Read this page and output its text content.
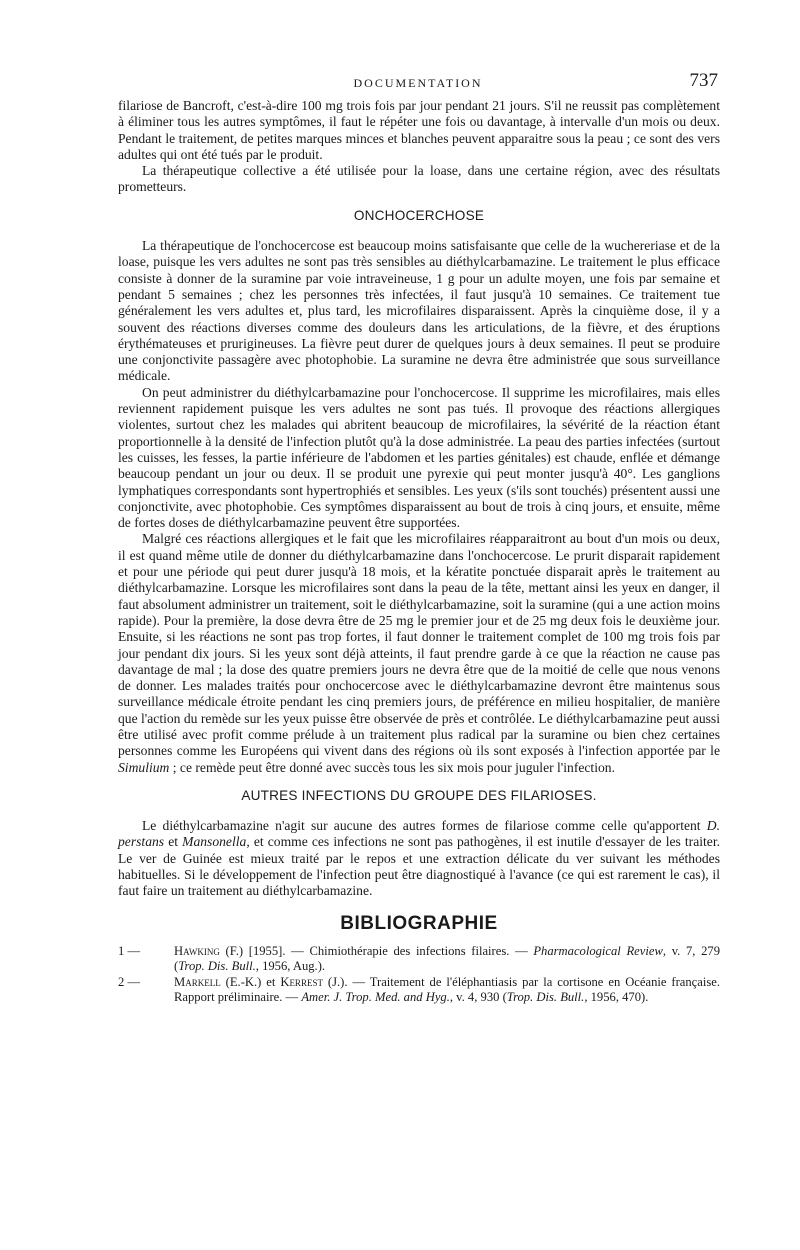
DOCUMENTATION	737

filariose de Bancroft, c'est-à-dire 100 mg trois fois par jour pendant 21 jours. S'il ne reussit pas complètement à éliminer tous les autres symptômes, il faut le répéter une fois ou davantage, à intervalle d'un mois ou deux. Pendant le traitement, de petites marques minces et blanches peuvent apparaitre sous la peau ; ce sont des vers adultes qui ont été tués par le produit.

La thérapeutique collective a été utilisée pour la loase, dans une certaine région, avec des résultats prometteurs.

ONCHOCERCHOSE

La thérapeutique de l'onchocercose est beaucoup moins satisfaisante que celle de la wuchereriase et de la loase, puisque les vers adultes ne sont pas très sensibles au diéthylcarbamazine. Le traitement le plus efficace consiste à donner de la suramine par voie intraveineuse, 1 g pour un adulte moyen, une fois par semaine et pendant 5 semaines ; chez les personnes très infectées, il faut jusqu'à 10 semaines. Ce traitement tue généralement les vers adultes et, plus tard, les microfilaires disparaissent. Après la cinquième dose, il y a souvent des réactions diverses comme des douleurs dans les articulations, de la fièvre, et des éruptions érythémateuses et prurigineuses. La fièvre peut durer de quelques jours à deux semaines. Il peut se produire une conjonctivite passagère avec photophobie. La suramine ne devra être administrée que sous surveillance médicale.

On peut administrer du diéthylcarbamazine pour l'onchocercose. Il supprime les microfilaires, mais elles reviennent rapidement puisque les vers adultes ne sont pas tués. Il provoque des réactions allergiques violentes, surtout chez les malades qui abritent beaucoup de microfilaires, la sévérité de la réaction étant proportionnelle à la densité de l'infection plutôt qu'à la dose administrée. La peau des parties infectées (surtout les cuisses, les fesses, la partie inférieure de l'abdomen et les parties génitales) est chaude, enflée et démange beaucoup pendant un jour ou deux. Il se produit une pyrexie qui peut monter jusqu'à 40°. Les ganglions lymphatiques correspondants sont hypertrophiés et sensibles. Les yeux (s'ils sont touchés) présentent aussi une conjonctivite, avec photophobie. Ces symptômes disparaissent au bout de trois à cinq jours, et ensuite, même de fortes doses de diéthylcarbamazine peuvent être supportées.

Malgré ces réactions allergiques et le fait que les microfilaires réapparaitront au bout d'un mois ou deux, il est quand même utile de donner du diéthylcarbamazine dans l'onchocercose. Le prurit disparait rapidement et pour une période qui peut durer jusqu'à 18 mois, et la kératite ponctuée disparait après le traitement au diéthylcarbamazine. Lorsque les microfilaires sont dans la peau de la tête, mettant ainsi les yeux en danger, il faut absolument administrer un traitement, soit le diéthylcarbamazine, soit la suramine (qui a une action moins rapide). Pour la première, la dose devra être de 25 mg le premier jour et de 25 mg deux fois le deuxième jour. Ensuite, si les réactions ne sont pas trop fortes, il faut donner le traitement complet de 100 mg trois fois par jour pendant dix jours. Si les yeux sont déjà atteints, il faut prendre garde à ce que la réaction ne cause pas davantage de mal ; la dose des quatre premiers jours ne devra être que de la moitié de celle que nous venons de donner. Les malades traités pour onchocercose avec le diéthylcarbamazine devront être maintenus sous surveillance médicale étroite pendant les cinq premiers jours, de préférence en milieu hospitalier, de manière que l'action du remède sur les yeux puisse être observée de près et contrôlée. Le diéthylcarbamazine peut aussi être utilisé avec profit comme prélude à un traitement plus radical par la suramine ou bien chez certaines personnes comme les Européens qui vivent dans des régions où ils sont exposés à l'infection apportée par le Simulium ; ce remède peut être donné avec succès tous les six mois pour juguler l'infection.

AUTRES INFECTIONS DU GROUPE DES FILARIOSES.

Le diéthylcarbamazine n'agit sur aucune des autres formes de filariose comme celle qu'apportent D. perstans et Mansonella, et comme ces infections ne sont pas pathogènes, il est inutile d'essayer de les traiter. Le ver de Guinée est mieux traité par le repos et une extraction délicate du ver suivant les méthodes habituelles. Si le développement de l'infection peut être diagnostiqué à l'avance (ce qui est rarement le cas), il faut faire un traitement au diéthylcarbamazine.

BIBLIOGRAPHIE
1 —	Hawking (F.) [1955]. — Chimiothérapie des infections filaires. — Pharmacological Review, v. 7, 279 (Trop. Dis. Bull., 1956, Aug.).
2 —	Markell (E.-K.) et Kerrest (J.). — Traitement de l'éléphantiasis par la cortisone en Océanie française. Rapport préliminaire. — Amer. J. Trop. Med. and Hyg., v. 4, 930 (Trop. Dis. Bull., 1956, 470).
